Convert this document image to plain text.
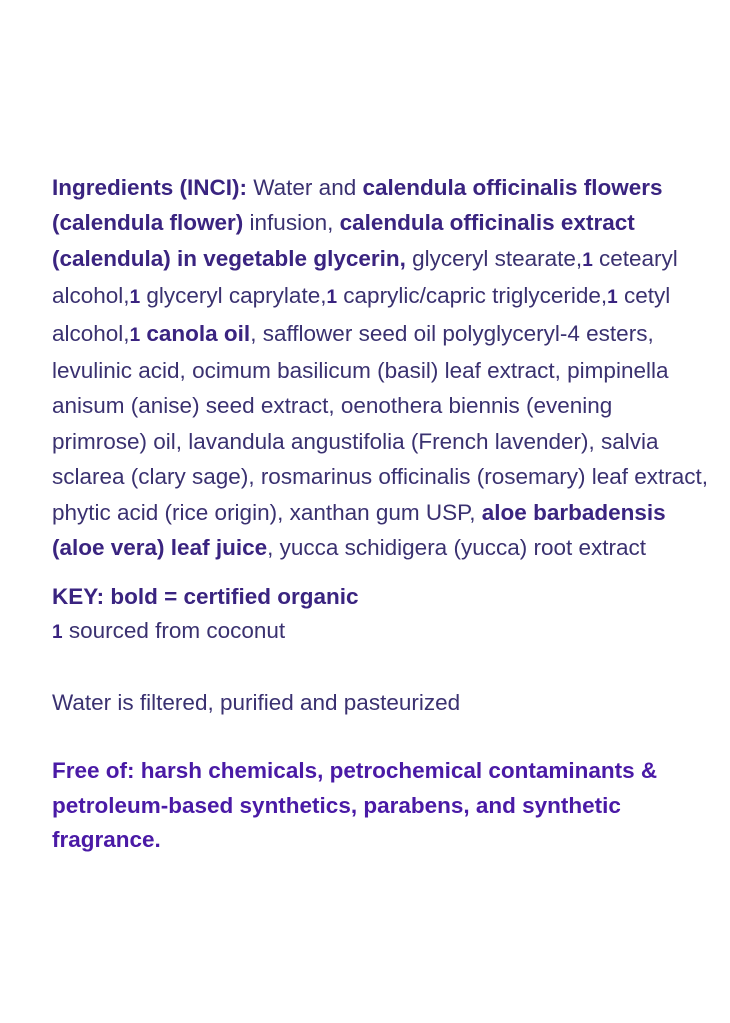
Ingredients (INCI): Water and calendula officinalis flowers (calendula flower) infusion, calendula officinalis extract (calendula) in vegetable glycerin, glyceryl stearate,1 cetearyl alcohol,1 glyceryl caprylate,1 caprylic/capric triglyceride,1 cetyl alcohol,1 canola oil, safflower seed oil polyglyceryl-4 esters, levulinic acid, ocimum basilicum (basil) leaf extract, pimpinella anisum (anise) seed extract, oenothera biennis (evening primrose) oil, lavandula angustifolia (French lavender), salvia sclarea (clary sage), rosmarinus officinalis (rosemary) leaf extract, phytic acid (rice origin), xanthan gum USP, aloe barbadensis (aloe vera) leaf juice, yucca schidigera (yucca) root extract

KEY: bold = certified organic
1 sourced from coconut
Water is filtered, purified and pasteurized
Free of: harsh chemicals, petrochemical contaminants & petroleum-based synthetics, parabens, and synthetic fragrance.
